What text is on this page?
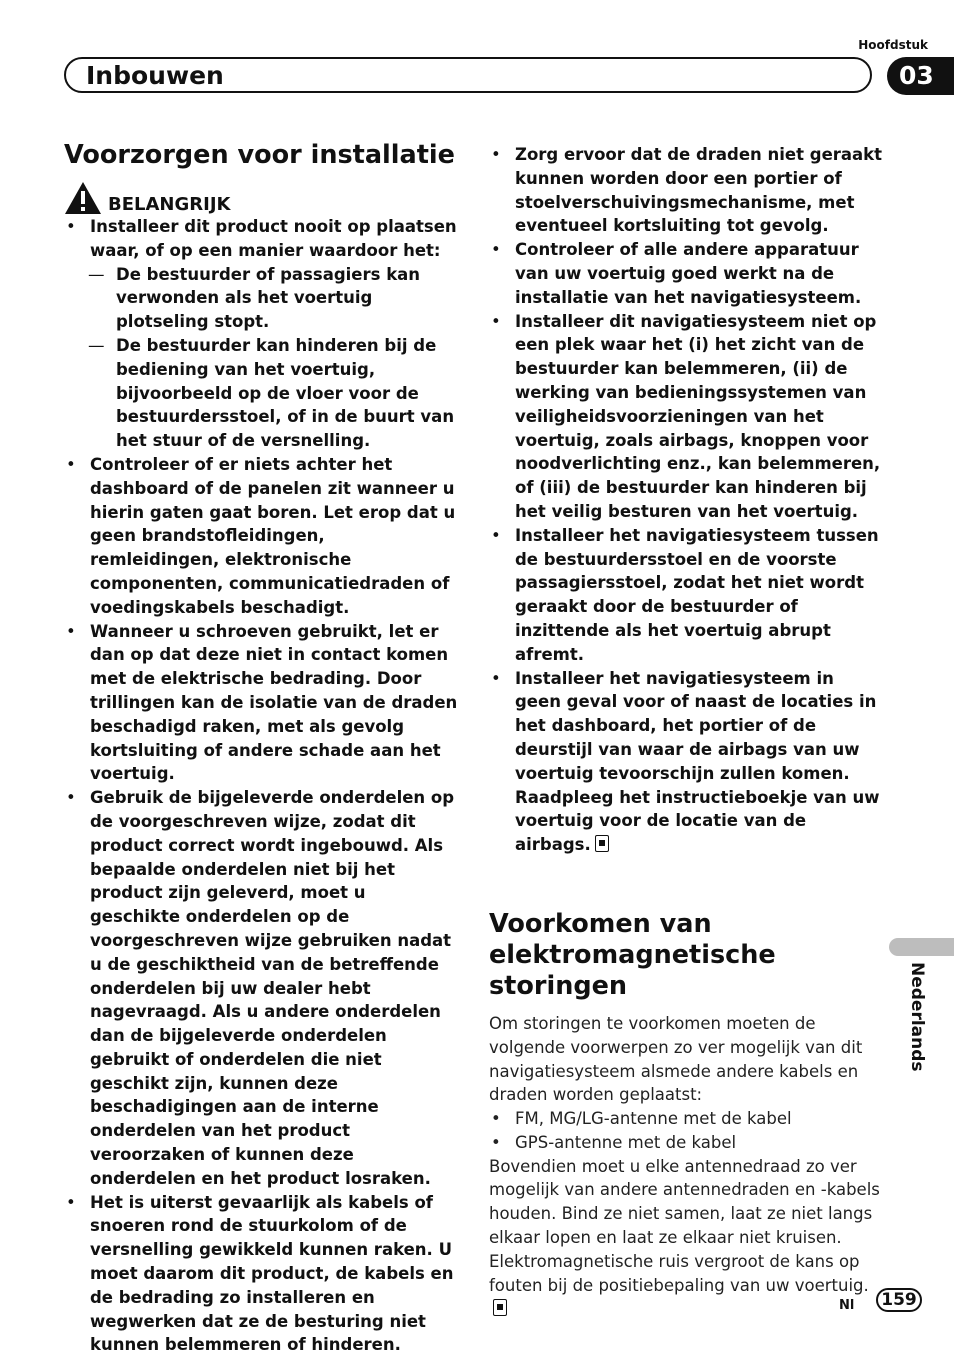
Hoofdstuk
Inbouwen	03
Voorzorgen voor installatie
BELANGRIJK
• Installeer dit product nooit op plaatsen waar, of op een manier waardoor het:
— De bestuurder of passagiers kan verwonden als het voertuig plotseling stopt.
— De bestuurder kan hinderen bij de bediening van het voertuig, bijvoorbeeld op de vloer voor de bestuurdersstoel, of in de buurt van het stuur of de versnelling.
• Controleer of er niets achter het dashboard of de panelen zit wanneer u hierin gaten gaat boren. Let erop dat u geen brandstofleidingen, remleidingen, elektronische componenten, communicatiedraden of voedingskabels beschadigt.
• Wanneer u schroeven gebruikt, let er dan op dat deze niet in contact komen met de elektrische bedrading. Door trillingen kan de isolatie van de draden beschadigd raken, met als gevolg kortsluiting of andere schade aan het voertuig.
• Gebruik de bijgeleverde onderdelen op de voorgeschreven wijze, zodat dit product correct wordt ingebouwd. Als bepaalde onderdelen niet bij het product zijn geleverd, moet u geschikte onderdelen op de voorgeschreven wijze gebruiken nadat u de geschiktheid van de betreffende onderdelen bij uw dealer hebt nagevraagd. Als u andere onderdelen dan de bijgeleverde onderdelen gebruikt of onderdelen die niet geschikt zijn, kunnen deze beschadigingen aan de interne onderdelen van het product veroorzaken of kunnen deze onderdelen en het product losraken.
• Het is uiterst gevaarlijk als kabels of snoeren rond de stuurkolom of de versnelling gewikkeld kunnen raken. U moet daarom dit product, de kabels en de bedrading zo installeren en wegwerken dat ze de besturing niet kunnen belemmeren of hinderen.
• Zorg ervoor dat de draden niet geraakt kunnen worden door een portier of stoelverschuivingsmechanisme, met eventueel kortsluiting tot gevolg.
• Controleer of alle andere apparatuur van uw voertuig goed werkt na de installatie van het navigatiesysteem.
• Installeer dit navigatiesysteem niet op een plek waar het (i) het zicht van de bestuurder kan belemmeren, (ii) de werking van bedieningssystemen van veiligheidsvoorzieningen van het voertuig, zoals airbags, knoppen voor noodverlichting enz., kan belemmeren, of (iii) de bestuurder kan hinderen bij het veilig besturen van het voertuig.
• Installeer het navigatiesysteem tussen de bestuurdersstoel en de voorste passagiersstoel, zodat het niet wordt geraakt door de bestuurder of inzittende als het voertuig abrupt afremt.
• Installeer het navigatiesysteem in geen geval voor of naast de locaties in het dashboard, het portier of de deurstijl van waar de airbags van uw voertuig tevoorschijn zullen komen. Raadpleeg het instructieboekje van uw voertuig voor de locatie van de airbags.
Voorkomen van elektromagnetische storingen

Om storingen te voorkomen moeten de volgende voorwerpen zo ver mogelijk van dit navigatiesysteem alsmede andere kabels en draden worden geplaatst:

• FM, MG/LG-antenne met de kabel
• GPS-antenne met de kabel

Bovendien moet u elke antennedraad zo ver mogelijk van andere antennedraden en -kabels houden. Bind ze niet samen, laat ze niet langs elkaar lopen en laat ze elkaar niet kruisen. Elektromagnetische ruis vergroot de kans op fouten bij de positiebepaling van uw voertuig.

Nederlands
Nl	159
